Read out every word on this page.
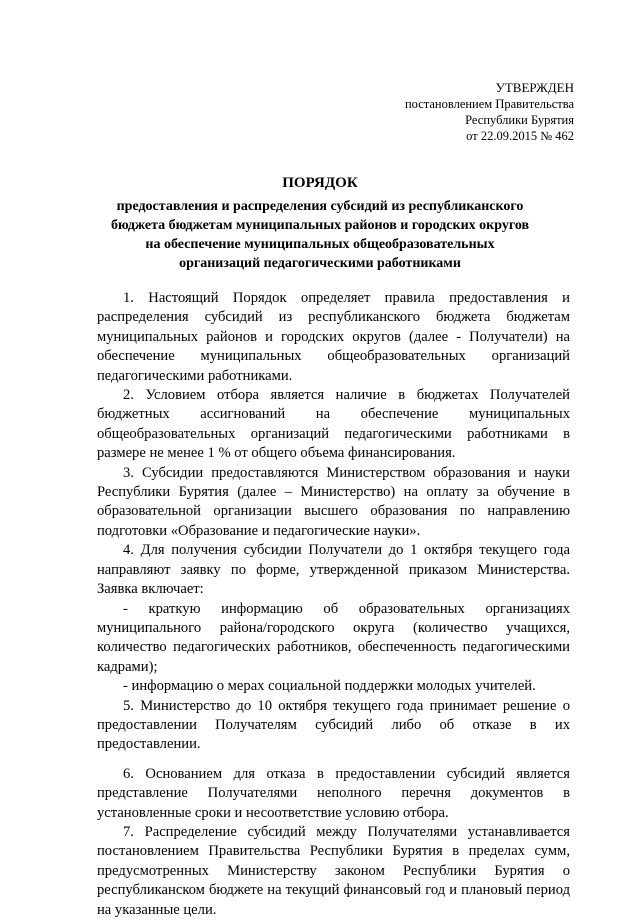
УТВЕРЖДЕН
постановлением Правительства
Республики Бурятия
от 22.09.2015 № 462
ПОРЯДОК
предоставления и распределения субсидий из республиканского
бюджета бюджетам муниципальных районов и городских округов
на обеспечение муниципальных общеобразовательных
организаций педагогическими работниками

1. Настоящий Порядок определяет правила предоставления и распределения субсидий из республиканского бюджета бюджетам муниципальных районов и городских округов (далее - Получатели) на обеспечение муниципальных общеобразовательных организаций педагогическими работниками.

2. Условием отбора является наличие в бюджетах Получателей бюджетных ассигнований на обеспечение муниципальных общеобразовательных организаций педагогическими работниками в размере не менее 1 % от общего объема финансирования.

3. Субсидии предоставляются Министерством образования и науки Республики Бурятия (далее – Министерство) на оплату за обучение в образовательной организации высшего образования по направлению подготовки «Образование и педагогические науки».

4. Для получения субсидии Получатели до 1 октября текущего года направляют заявку по форме, утвержденной приказом Министерства. Заявка включает:

- краткую информацию об образовательных организациях муниципального района/городского округа (количество учащихся, количество педагогических работников, обеспеченность педагогическими кадрами);

- информацию о мерах социальной поддержки молодых учителей.

5. Министерство до 10 октября текущего года принимает решение о предоставлении Получателям субсидий либо об отказе в их предоставлении.

6. Основанием для отказа в предоставлении субсидий является представление Получателями неполного перечня документов в установленные сроки и несоответствие условию отбора.

7. Распределение субсидий между Получателями устанавливается постановлением Правительства Республики Бурятия в пределах сумм, предусмотренных Министерству законом Республики Бурятия о республиканском бюджете на текущий финансовый год и плановый период на указанные цели.
